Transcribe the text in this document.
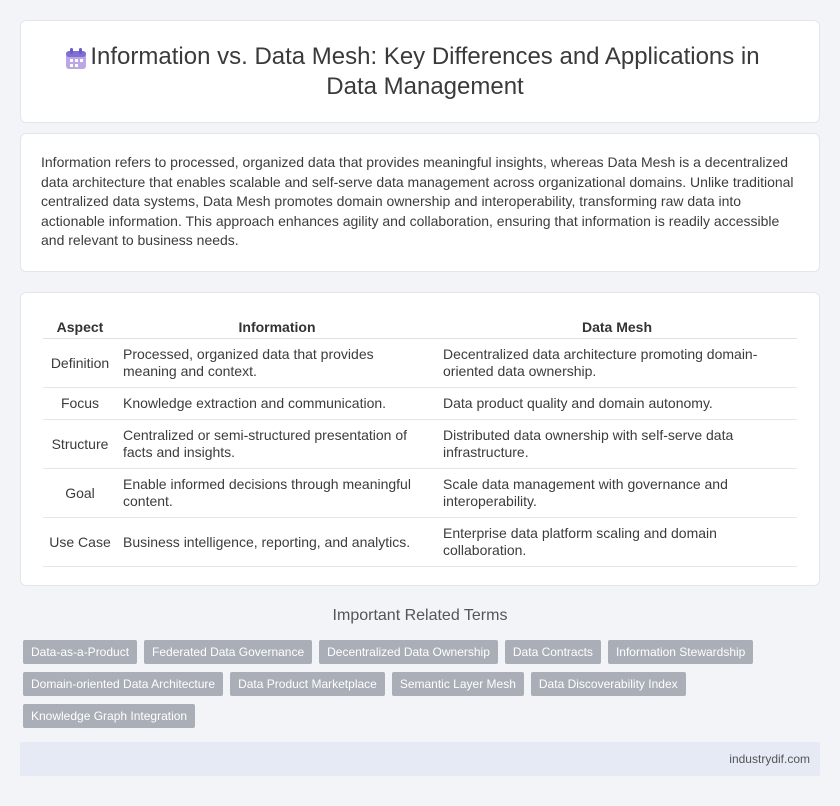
Information vs. Data Mesh: Key Differences and Applications in Data Management

Information refers to processed, organized data that provides meaningful insights, whereas Data Mesh is a decentralized data architecture that enables scalable and self-serve data management across organizational domains. Unlike traditional centralized data systems, Data Mesh promotes domain ownership and interoperability, transforming raw data into actionable information. This approach enhances agility and collaboration, ensuring that information is readily accessible and relevant to business needs.

Aspect	Information	Data Mesh
Definition	Processed, organized data that provides meaning and context.	Decentralized data architecture promoting domain-oriented data ownership.
Focus	Knowledge extraction and communication.	Data product quality and domain autonomy.
Structure	Centralized or semi-structured presentation of facts and insights.	Distributed data ownership with self-serve data infrastructure.
Goal	Enable informed decisions through meaningful content.	Scale data management with governance and interoperability.
Use Case	Business intelligence, reporting, and analytics.	Enterprise data platform scaling and domain collaboration.
Important Related Terms
Data-as-a-Product	Federated Data Governance	Decentralized Data Ownership	Data Contracts	Information Stewardship
Domain-oriented Data Architecture	Data Product Marketplace	Semantic Layer Mesh	Data Discoverability Index
Knowledge Graph Integration
industrydif.com
